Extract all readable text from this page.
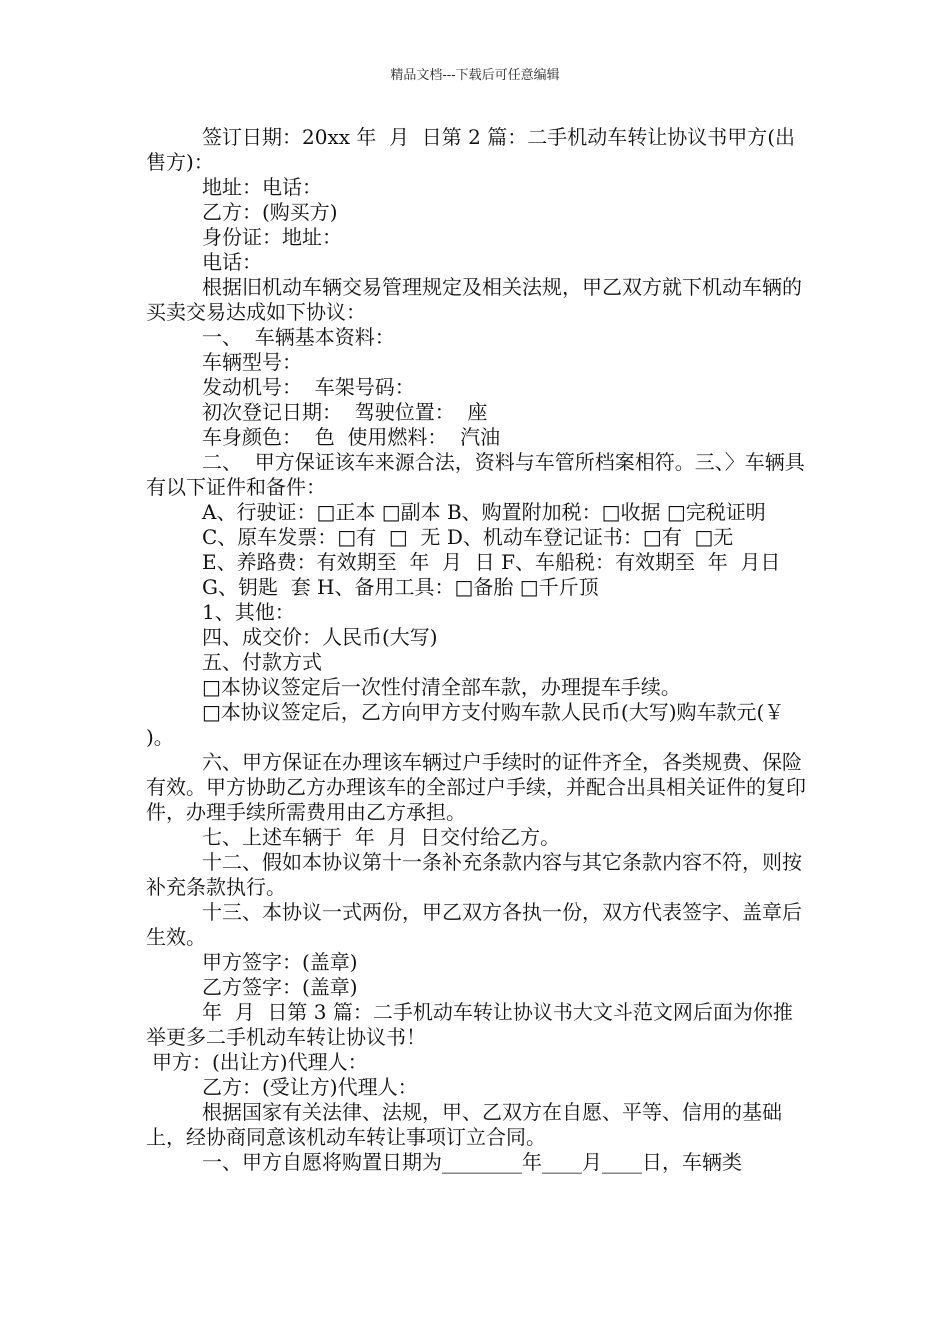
精品文档---下载后可任意编辑

签订日期：20xx 年  月  日第 2 篇：二手机动车转让协议书甲方(出售方)：

地址：电话：

乙方：(购买方)

身份证：地址：

电话：

根据旧机动车辆交易管理规定及相关法规，甲乙双方就下机动车辆的买卖交易达成如下协议：

一、  车辆基本资料：

车辆型号：

发动机号：  车架号码：

初次登记日期：  驾驶位置：  座

车身颜色：  色  使用燃料：  汽油

二、  甲方保证该车来源合法，资料与车管所档案相符。三、〉车辆具有以下证件和备件：

A、行驶证：□正本 □副本 B、购置附加税：□收据 □完税证明

C、原车发票：□有  □  无 D、机动车登记证书：□有  □无

E、养路费：有效期至  年  月  日 F、车船税：有效期至  年  月日

G、钥匙  套 H、备用工具：□备胎 □千斤顶

1、其他：

四、成交价：人民币(大写)

五、付款方式

□本协议签定后一次性付清全部车款，办理提车手续。

□本协议签定后，乙方向甲方支付购车款人民币(大写)购车款元(￥ )。

六、甲方保证在办理该车辆过户手续时的证件齐全，各类规费、保险有效。甲方协助乙方办理该车的全部过户手续，并配合出具相关证件的复印件，办理手续所需费用由乙方承担。

七、上述车辆于  年  月  日交付给乙方。

十二、假如本协议第十一条补充条款内容与其它条款内容不符，则按补充条款执行。

十三、本协议一式两份，甲乙双方各执一份，双方代表签字、盖章后生效。

甲方签字：(盖章)

乙方签字：(盖章)

年  月  日第 3 篇：二手机动车转让协议书大文斗范文网后面为你推举更多二手机动车转让协议书！

甲方：(出让方)代理人：

乙方：(受让方)代理人：

根据国家有关法律、法规，甲、乙双方在自愿、平等、信用的基础上，经协商同意该机动车转让事项订立合同。

一、甲方自愿将购置日期为________年____月____日，车辆类
